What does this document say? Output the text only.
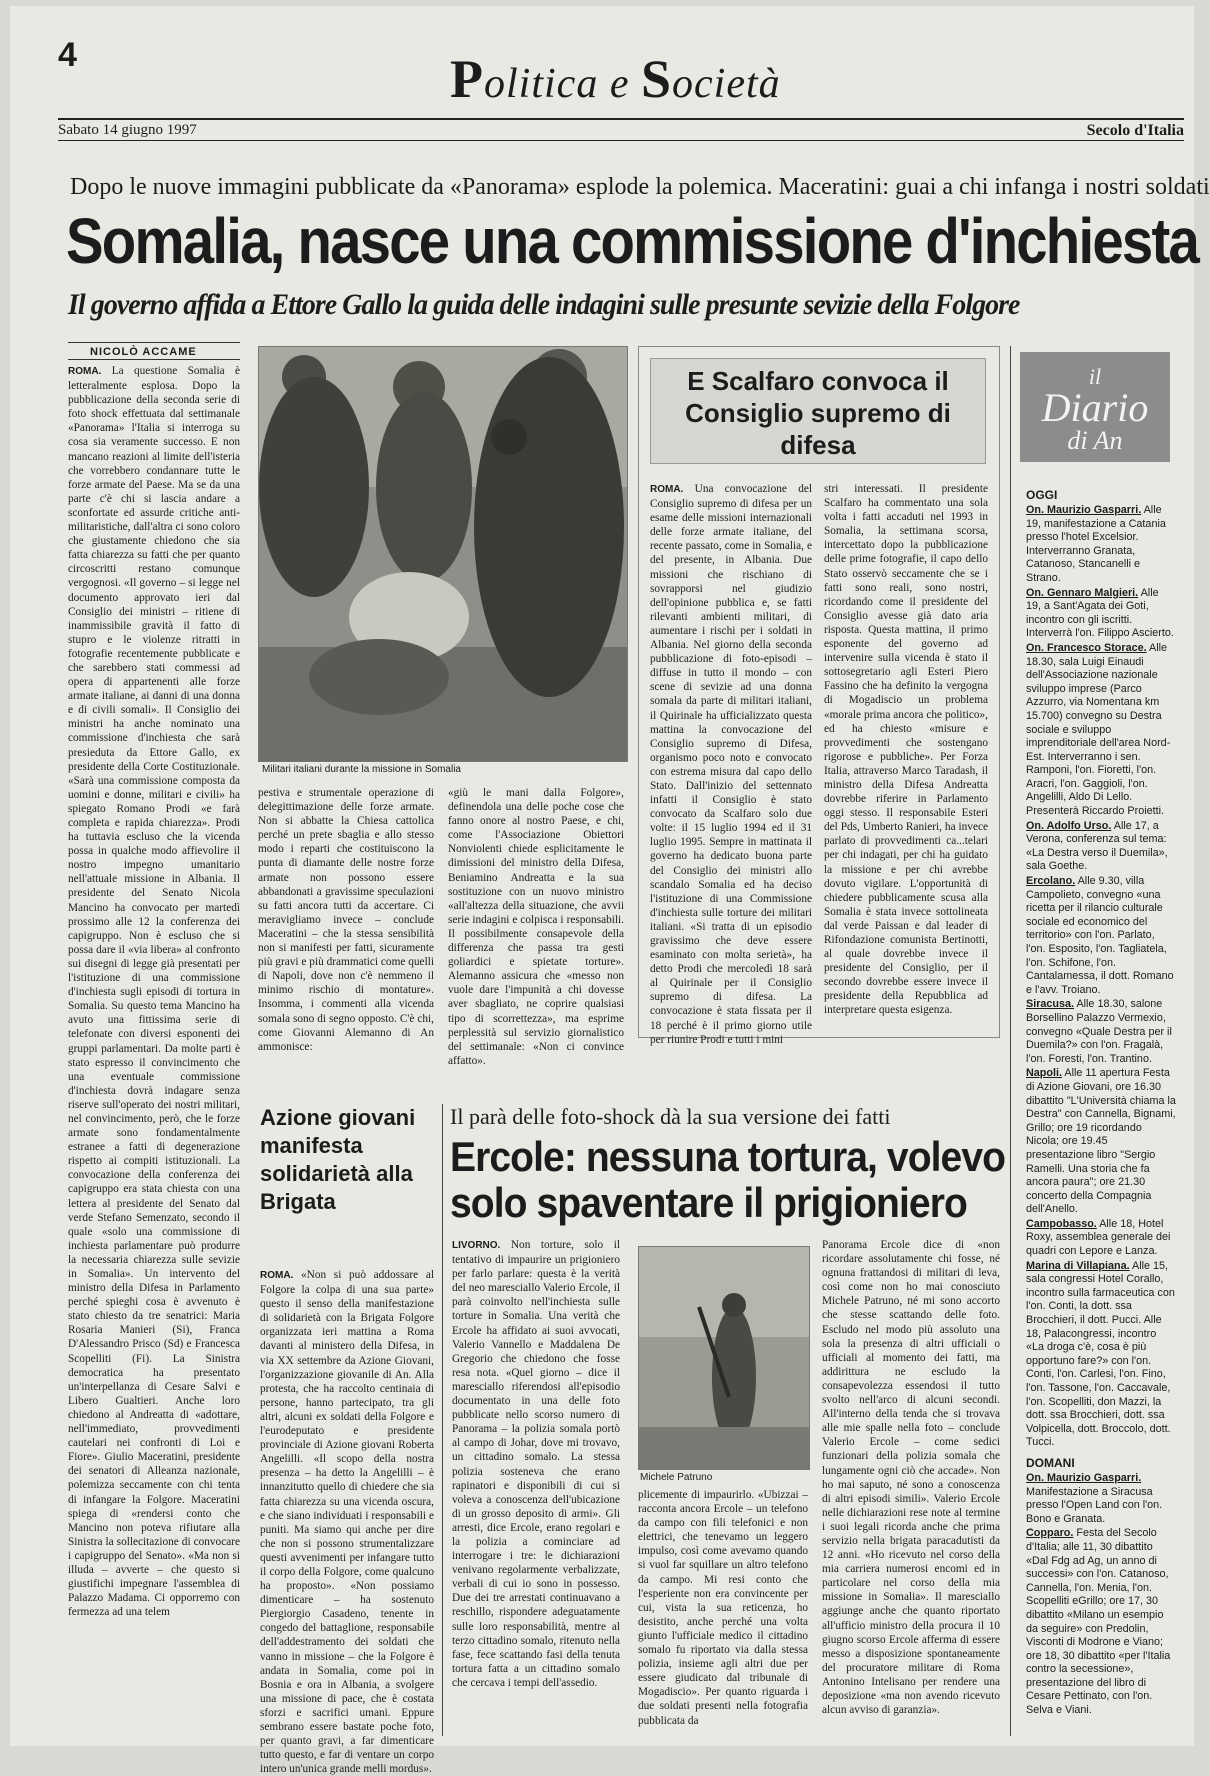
4	Politica e Società
Sabato 14 giugno 1997	Secolo d'Italia
Dopo le nuove immagini pubblicate da «Panorama» esplode la polemica. Maceratini: guai a chi infanga i nostri soldati
Somalia, nasce una commissione d'inchiesta
Il governo affida a Ettore Gallo la guida delle indagini sulle presunte sevizie della Folgore
NICOLÒ ACCAME

ROMA. La questione Somalia è letteralmente esplosa. Dopo la pubblicazione della seconda serie di foto shock effettuata dal settimanale «Panorama» l'Italia si interroga su cosa sia veramente successo. E non mancano reazioni al limite dell'isteria che vorrebbero condannare tutte le forze armate del Paese. Ma se da una parte c'è chi si lascia andare a sconfortate ed assurde critiche anti-militaristiche, dall'altra ci sono coloro che giustamente chiedono che sia fatta chiarezza su fatti che per quanto circoscritti restano comunque vergognosi. «Il governo – si legge nel documento approvato ieri dal Consiglio dei ministri – ritiene di inammissibile gravità il fatto di stupro e le violenze ritratti in fotografie recentemente pubblicate e che sarebbero stati commessi ad opera di appartenenti alle forze armate italiane, ai danni di una donna e di civili somali». Il Consiglio dei ministri ha anche nominato una commissione d'inchiesta che sarà presieduta da Ettore Gallo, ex presidente della Corte Costituzionale. «Sarà una commissione composta da uomini e donne, militari e civili» ha spiegato Romano Prodi «e farà completa e rapida chiarezza». Prodi ha tuttavia escluso che la vicenda possa in qualche modo affievolire il nostro impegno umanitario nell'attuale missione in Albania. Il presidente del Senato Nicola Mancino ha convocato per martedì prossimo alle 12 la conferenza dei capigruppo. Non è escluso che si possa dare il «via libera» al confronto sui disegni di legge già presentati per l'istituzione di una commissione d'inchiesta sugli episodi di tortura in Somalia. Su questo tema Mancino ha avuto una fittissima serie di telefonate con diversi esponenti dei gruppi parlamentari. Da molte parti è stato espresso il convincimento che una eventuale commissione d'inchiesta dovrà indagare senza riserve sull'operato dei nostri militari, nel convincimento, però, che le forze armate sono fondamentalmente estranee a fatti di degenerazione rispetto ai compiti istituzionali. La convocazione della conferenza dei capigruppo era stata chiesta con una lettera al presidente del Senato dal verde Stefano Semenzato, secondo il quale «solo una commissione di inchiesta parlamentare può produrre la necessaria chiarezza sulle sevizie in Somalia». Un intervento del ministro della Difesa in Parlamento perché spieghi cosa è avvenuto è stato chiesto da tre senatrici: Maria Rosaria Manieri (Si), Franca D'Alessandro Prisco (Sd) e Francesca Scopelliti (Fi). La Sinistra democratica ha presentato un'interpellanza di Cesare Salvi e Libero Gualtieri. Anche loro chiedono al Andreatta di «adottare, nell'immediato, provvedimenti cautelari nei confronti di Loi e Fiore». Giulio Maceratini, presidente dei senatori di Alleanza nazionale, polemizza seccamente con chi tenta di infangare la Folgore. Maceratini spiega di «rendersi conto che Mancino non poteva rifiutare alla Sinistra la sollecitazione di convocare i capigruppo del Senato». «Ma non si illuda – avverte – che questo si giustifichi impegnare l'assemblea di Palazzo Madama. Ci opporremo con fermezza ad una telem

Militari italiani durante la missione in Somalia

pestiva e strumentale operazione di delegittimazione delle forze armate. Non si abbatte la Chiesa cattolica perché un prete sbaglia e allo stesso modo i reparti che costituiscono la punta di diamante delle nostre forze armate non possono essere abbandonati a gravissime speculazioni su fatti ancora tutti da accertare. Ci meravigliamo invece – conclude Maceratini – che la stessa sensibilità non si manifesti per fatti, sicuramente più gravi e più drammatici come quelli di Napoli, dove non c'è nemmeno il minimo rischio di montature». Insomma, i commenti alla vicenda somala sono di segno opposto. C'è chi, come Giovanni Alemanno di An ammonisce:

«giù le mani dalla Folgore», definendola una delle poche cose che fanno onore al nostro Paese, e chi, come l'Associazione Obiettori Nonviolenti chiede esplicitamente le dimissioni del ministro della Difesa, Beniamino Andreatta e la sua sostituzione con un nuovo ministro «all'altezza della situazione, che avvii serie indagini e colpisca i responsabili. Il possibilmente consapevole della differenza che passa tra gesti goliardici e spietate torture». Alemanno assicura che «messo non vuole dare l'impunità a chi dovesse aver sbagliato, ne coprire qualsiasi tipo di scorrettezza», ma esprime perplessità sul servizio giornalistico del settimanale: «Non ci convince affatto».

E Scalfaro convoca il Consiglio supremo di difesa

ROMA. Una convocazione del Consiglio supremo di difesa per un esame delle missioni internazionali delle forze armate italiane, del recente passato, come in Somalia, e del presente, in Albania. Due missioni che rischiano di sovrapporsi nel giudizio dell'opinione pubblica e, se fatti rilevanti ambienti militari, di aumentare i rischi per i soldati in Albania. Nel giorno della seconda pubblicazione di foto-episodi – diffuse in tutto il mondo – con scene di sevizie ad una donna somala da parte di militari italiani, il Quirinale ha ufficializzato questa mattina la convocazione del Consiglio supremo di Difesa, organismo poco noto e convocato con estrema misura dal capo dello Stato. Dall'inizio del settennato infatti il Consiglio è stato convocato da Scalfaro solo due volte: il 15 luglio 1994 ed il 31 luglio 1995. Sempre in mattinata il governo ha dedicato buona parte del Consiglio dei ministri allo scandalo Somalia ed ha deciso l'istituzione di una Commissione d'inchiesta sulle torture dei militari italiani. «Si tratta di un episodio gravissimo che deve essere esaminato con molta serietà», ha detto Prodi che mercoledì 18 sarà al Quirinale per il Consiglio supremo di difesa. La convocazione è stata fissata per il 18 perché è il primo giorno utile per riunire Prodi e tutti i mini

stri interessati. Il presidente Scalfaro ha commentato una sola volta i fatti accaduti nel 1993 in Somalia, la settimana scorsa, intercettato dopo la pubblicazione delle prime fotografie, il capo dello Stato osservò seccamente che se i fatti sono reali, sono nostri, ricordando come il presidente del Consiglio avesse già dato aria risposta. Questa mattina, il primo esponente del governo ad intervenire sulla vicenda è stato il sottosegretario agli Esteri Piero Fassino che ha definito la vergogna di Mogadiscio un problema «morale prima ancora che politico», ed ha chiesto «misure e provvedimenti che sostengano rigorose e pubbliche». Per Forza Italia, attraverso Marco Taradash, il ministro della Difesa Andreatta dovrebbe riferire in Parlamento oggi stesso. Il responsabile Esteri del Pds, Umberto Ranieri, ha invece parlato di provvedimenti ca...telari per chi indagati, per chi ha guidato la missione e per chi avrebbe dovuto vigilare. L'opportunità di chiedere pubblicamente scusa alla Somalia è stata invece sottolineata dal verde Paissan e dal leader di Rifondazione comunista Bertinotti, al quale dovrebbe invece il presidente del Consiglio, per il secondo dovrebbe essere invece il presidente della Repubblica ad interpretare questa esigenza.

il
Diario
di An
OGGI
On. Maurizio Gasparri. Alle 19, manifestazione a Catania presso l'hotel Excelsior. Interverranno Granata, Catanoso, Stancanelli e Strano.
On. Gennaro Malgieri. Alle 19, a Sant'Agata dei Goti, incontro con gli iscritti. Interverrà l'on. Filippo Ascierto.
On. Francesco Storace. Alle 18.30, sala Luigi Einaudi dell'Associazione nazionale sviluppo imprese (Parco Azzurro, via Nomentana km 15.700) convegno su Destra sociale e sviluppo imprenditoriale dell'area Nord-Est. Interverranno i sen. Ramponi, l'on. Fioretti, l'on. Aracri, l'on. Gaggioli, l'on. Angelilli, Aldo Di Lello. Presenterà Riccardo Proietti.
On. Adolfo Urso. Alle 17, a Verona, conferenza sul tema: «La Destra verso il Duemila», sala Goethe.
Ercolano. Alle 9.30, villa Campolieto, convegno «una ricetta per il rilancio culturale sociale ed economico del territorio» con l'on. Parlato, l'on. Esposito, l'on. Tagliatela, l'on. Schifone, l'on. Cantalamessa, il dott. Romano e l'avv. Troiano.
Siracusa. Alle 18.30, salone Borsellino Palazzo Vermexio, convegno «Quale Destra per il Duemila?» con l'on. Fragalà, l'on. Foresti, l'on. Trantino.
Napoli. Alle 11 apertura Festa di Azione Giovani, ore 16.30 dibattito "L'Università chiama la Destra" con Cannella, Bignami, Grillo; ore 19 ricordando Nicola; ore 19.45 presentazione libro "Sergio Ramelli. Una storia che fa ancora paura"; ore 21.30 concerto della Compagnia dell'Anello.
Campobasso. Alle 18, Hotel Roxy, assemblea generale dei quadri con Lepore e Lanza.
Marina di Villapiana. Alle 15, sala congressi Hotel Corallo, incontro sulla farmaceutica con l'on. Conti, la dott. ssa Brocchieri, il dott. Pucci. Alle 18, Palacongressi, incontro «La droga c'è, cosa è più opportuno fare?» con l'on. Conti, l'on. Carlesi, l'on. Fino, l'on. Tassone, l'on. Caccavale, l'on. Scopelliti, don Mazzi, la dott. ssa Brocchieri, dott. ssa Volpicella, dott. Broccolo, dott. Tucci.
DOMANI
On. Maurizio Gasparri. Manifestazione a Siracusa presso l'Open Land con l'on. Bono e Granata.
Copparo. Festa del Secolo d'Italia; alle 11, 30 dibattito «Dal Fdg ad Ag, un anno di successi» con l'on. Catanoso, Cannella, l'on. Menia, l'on. Scopelliti eGrillo; ore 17, 30 dibattito «Milano un esempio da seguire» con Predolin, Visconti di Modrone e Viano; ore 18, 30 dibattito «per l'Italia contro la secessione», presentazione del libro di Cesare Pettinato, con l'on. Selva e Viani.
Azione giovani manifesta solidarietà alla Brigata

ROMA. «Non si può addossare al Folgore la colpa di una sua parte» questo il senso della manifestazione di solidarietà con la Brigata Folgore organizzata ieri mattina a Roma davanti al ministero della Difesa, in via XX settembre da Azione Giovani, l'organizzazione giovanile di An. Alla protesta, che ha raccolto centinaia di persone, hanno partecipato, tra gli altri, alcuni ex soldati della Folgore e l'eurodeputato e presidente provinciale di Azione giovani Roberta Angelilli. «Il scopo della nostra presenza – ha detto la Angelilli – è innanzitutto quello di chiedere che sia fatta chiarezza su una vicenda oscura, e che siano individuati i responsabili e puniti. Ma siamo qui anche per dire che non si possono strumentalizzare questi avvenimenti per infangare tutto il corpo della Folgore, come qualcuno ha proposto». «Non possiamo dimenticare – ha sostenuto Piergiorgio Casadeno, tenente in congedo del battaglione, responsabile dell'addestramento dei soldati che vanno in missione – che la Folgore è andata in Somalia, come poi in Bosnia e ora in Albania, a svolgere una missione di pace, che è costata sforzi e sacrifici umani. Eppure sembrano essere bastate poche foto, per quanto gravi, a far dimenticare tutto questo, e far di ventare un corpo intero un'unica grande melli mordus».

Il parà delle foto-shock dà la sua versione dei fatti
Ercole: nessuna tortura, volevo
solo spaventare il prigioniero

LIVORNO. Non torture, solo il tentativo di impaurire un prigioniero per farlo parlare: questa è la verità del neo maresciallo Valerio Ercole, il parà coinvolto nell'inchiesta sulle torture in Somalia. Una verità che Ercole ha affidato ai suoi avvocati, Valerio Vannello e Maddalena De Gregorio che chiedono che fosse resa nota. «Quel giorno – dice il maresciallo riferendosi all'episodio documentato in una delle foto pubblicate nello scorso numero di Panorama – la polizia somala portò al campo di Johar, dove mi trovavo, un cittadino somalo. La stessa polizia sosteneva che erano rapinatori e disponibili di cui si voleva a conoscenza dell'ubicazione di un grosso deposito di armi». Gli arresti, dice Ercole, erano regolari e la polizia a cominciare ad interrogare i tre: le dichiarazioni venivano regolarmente verbalizzate, verbali di cui io sono in possesso. Due dei tre arrestati continuavano a reschillo, rispondere adeguatamente sulle loro responsabilità, mentre al terzo cittadino somalo, ritenuto nella fase, fece scattando fasi della tenuta tortura fatta a un cittadino somalo che cercava i tempi dell'assedio.

Michele Patruno

plicemente di impaurirlo. «Ubizzai – racconta ancora Ercole – un telefono da campo con fili telefonici e non elettrici, che tenevamo un leggero impulso, così come avevamo quando si vuol far squillare un altro telefono da campo. Mi resi conto che l'esperiente non era convincente per cui, vista la sua reticenza, ho desistito, anche perché una volta giunto l'ufficiale medico il cittadino somalo fu riportato via dalla stessa polizia, insieme agli altri due per essere giudicato dal tribunale di Mogadiscio». Per quanto riguarda i due soldati presenti nella fotografia pubblicata da

Panorama Ercole dice di «non ricordare assolutamente chi fosse, né ognuna frattandosi di militari di leva, così come non ho mai conosciuto Michele Patruno, né mi sono accorto che stesse scattando delle foto. Escludo nel modo più assoluto una sola la presenza di altri ufficiali o ufficiali al momento dei fatti, ma addirittura ne escludo la consapevolezza essendosi il tutto svolto nell'arco di alcuni secondi. All'interno della tenda che si trovava alle mie spalle nella foto – conclude Valerio Ercole – come sedici funzionari della polizia somala che lungamente ogni ciò che accade». Non ho mai saputo, né sono a conoscenza di altri episodi simili». Valerio Ercole nelle dichiarazioni rese note al termine i suoi legali ricorda anche che prima servizio nella brigata paracadutisti da 12 anni. «Ho ricevuto nel corso della mia carriera numerosi encomi ed in particolare nel corso della mia missione in Somalia». Il maresciallo aggiunge anche che quanto riportato all'ufficio ministro della procura il 10 giugno scorso Ercole afferma di essere messo a disposizione spontaneamente del procuratore militare di Roma Antonino Intelisano per rendere una deposizione «ma non avendo ricevuto alcun avviso di garanzia».
